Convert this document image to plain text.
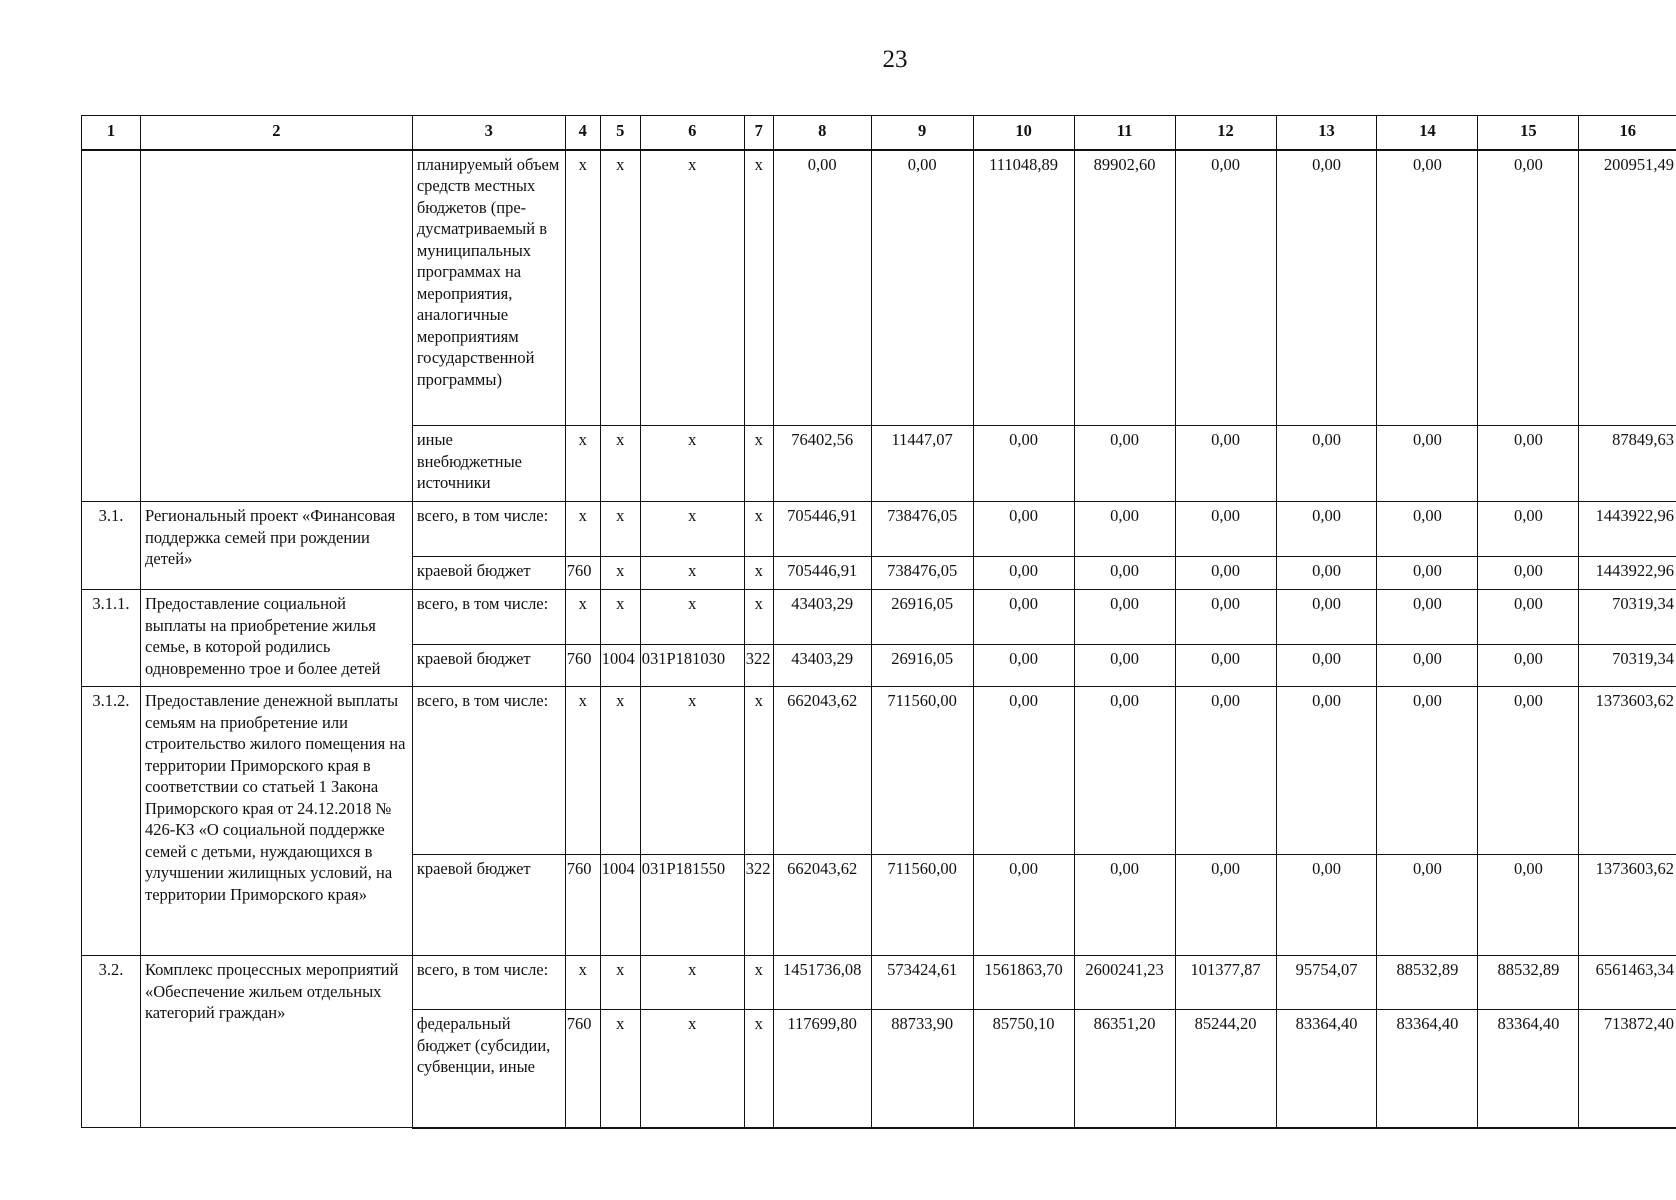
23
1	2	3	4	5	6	7	8	9	10	11	12	13	14	15	16
		планируемый объем средств местных бюджетов (пре-дусматриваемый в муниципальных программах на мероприятия, аналогичные мероприятиям государственной программы)	x	x	x	x	0,00	0,00	111048,89	89902,60	0,00	0,00	0,00	0,00	200951,49
		иные внебюджетные источники	x	x	x	x	76402,56	11447,07	0,00	0,00	0,00	0,00	0,00	0,00	87849,63
3.1.	Региональный проект «Финансовая поддержка семей при рождении детей»	всего, в том числе:	x	x	x	x	705446,91	738476,05	0,00	0,00	0,00	0,00	0,00	0,00	1443922,96
		краевой бюджет	760	x	x	x	705446,91	738476,05	0,00	0,00	0,00	0,00	0,00	0,00	1443922,96
3.1.1.	Предоставление социальной выплаты на приобретение жилья семье, в которой родились одновременно трое и более детей	всего, в том числе:	x	x	x	x	43403,29	26916,05	0,00	0,00	0,00	0,00	0,00	0,00	70319,34
		краевой бюджет	760	1004	031P181030	322	43403,29	26916,05	0,00	0,00	0,00	0,00	0,00	0,00	70319,34
3.1.2.	Предоставление денежной выплаты семьям на приобретение или строительство жилого помещения на территории Приморского края в соответствии со статьей 1 Закона Приморского края от 24.12.2018 № 426-КЗ «О социальной поддержке семей с детьми, нуждающихся в улучшении жилищных условий, на территории Приморского края»	всего, в том числе:	x	x	x	x	662043,62	711560,00	0,00	0,00	0,00	0,00	0,00	0,00	1373603,62
		краевой бюджет	760	1004	031P181550	322	662043,62	711560,00	0,00	0,00	0,00	0,00	0,00	0,00	1373603,62
3.2.	Комплекс процессных мероприятий «Обеспечение жильем отдельных категорий граждан»	всего, в том числе:	x	x	x	x	1451736,08	573424,61	1561863,70	2600241,23	101377,87	95754,07	88532,89	88532,89	6561463,34
		федеральный бюджет (субсидии, субвенции, иные	760	x	x	x	117699,80	88733,90	85750,10	86351,20	85244,20	83364,40	83364,40	83364,40	713872,40
